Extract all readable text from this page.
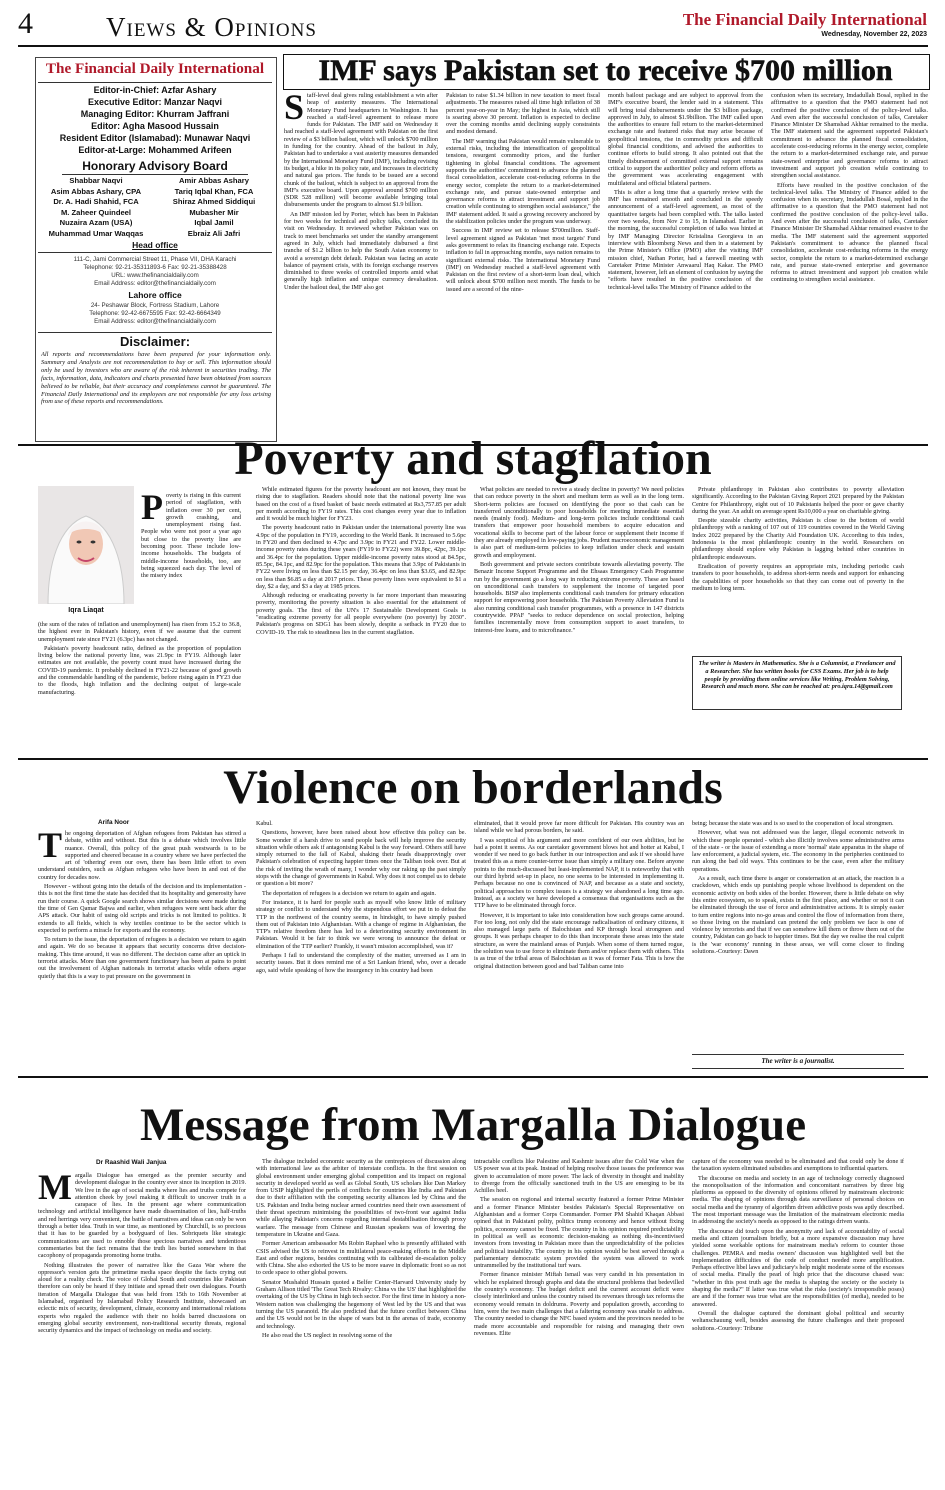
4	Views & Opinions	The Financial Daily International
Wednesday, November 22, 2023
The Financial Daily International
Editor-in-Chief: Azfar Ashary
Executive Editor: Manzar Naqvi
Managing Editor: Khurram Jaffrani
Editor: Agha Masood Hussain
Resident Editor (Islamabad): Munawar Naqvi
Editor-at-Large: Mohammed Arifeen
Honorary Advisory Board
Shabbar Naqvi
Asim Abbas Ashary, CPA
Dr. A. Hadi Shahid, FCA
M. Zaheer Quindeel
Nuzaira Azam (USA)
Muhammad Umar Waqqas
Amir Abbas Ashary
Tariq Iqbal Khan, FCA
Shiraz Ahmed Siddiqui
Mubasher Mir
Iqbal Jamil
Ebraiz Ali Jafri
Head office
111-C, Jami Commercial Street 11, Phase VII, DHA Karachi
Telephone: 92-21-35311893-6 Fax: 92-21-35388428
URL: www.thefinancialdaily.com
Email Address: editor@thefinancialdaily.com
Lahore office
24- Peshawar Block, Fortress Stadium, Lahore
Telephone: 92-42-6675595 Fax: 92-42-6664349
Email Address: editor@thefinancialdaily.com
Disclaimer:
All reports and recommendations have been prepared for your information only. Summary and Analysis are not recommendation to buy or sell. This information should only be used by investors who are aware of the risk inherent in securities trading. The facts, information, data, indicators and charts presented have been obtained from sources believed to be reliable, but their accuracy and completeness cannot be guaranteed. The Financial Daily International and its employees are not responsible for any loss arising from use of these reports and recommendations.
IMF says Pakistan set to receive $700 million
S taff-level deal gives ruling establishment a win after heap of austerity measures. The International Monetary Fund headquarters in Washington. It has reached a staff-level agreement to release more funds for Pakistan. The IMF said on Wednesday it had reached a staff-level agreement with Pakistan on the first review of a $3 billion bailout, which will unlock $700 million in funding for the country. Ahead of the bailout in July, Pakistan had to undertake a vast austerity measures demanded by the International Monetary Fund (IMF), including revising its budget, a hike in its policy rate, and increases in electricity and natural gas prices. The funds to be issued are a second chunk of the bailout, which is subject to an approval from the IMF's executive board. Upon approval around $700 million (SDR 528 million) will become available bringing total disbursements under the program to almost $1.9 billion.

An IMF mission led by Porter, which has been in Pakistan for two weeks for technical and policy talks, concluded its visit on Wednesday. It reviewed whether Pakistan was on track to meet benchmarks set under the standby arrangement agreed in July, which had immediately disbursed a first tranche of $1.2 billion to help the South Asian economy to avoid a sovereign debt default. Pakistan was facing an acute balance of payment crisis, with its foreign exchange reserves diminished to three weeks of controlled imports amid what generally high inflation and unique currency devaluation. Under the bailout deal, the IMF also got

Pakistan to raise $1.34 billion in new taxation to meet fiscal adjustments. The measures raised all time high inflation of 38 percent year-on-year in May; the highest in Asia, which still is soaring above 30 percent. Inflation is expected to decline over the coming months amid declining supply constraints and modest demand.

The IMF warning that Pakistan would remain vulnerable to external risks, including the intensification of geopolitical tensions, resurgent commodity prices, and the further tightening in global financial conditions. The agreement supports the authorities' commitment to advance the planned fiscal consolidation, accelerate cost-reducing reforms in the energy sector, complete the return to a market-determined exchange rate, and pursue state-owned enterprise and governance reforms to attract investment and support job creation while continuing to strengthen social assistance," the IMF statement added. It said a growing recovery anchored by the stabilization policies under the program was underway.

Success in IMF review set to release $700million. Staff-level agreement signed as Pakistan 'met most targets' Fund asks government to relax its financing exchange rate. Expects inflation to fall in approaching months, says nation remains to significant external risks. The International Monetary Fund (IMF) on Wednesday reached a staff-level agreement with Pakistan on the first review of a short-term loan deal, which will unlock about $700 million next month. The funds to be issued are a second of the nine-

month bailout package and are subject to approval from the IMF's executive board, the lender said in a statement. This will bring total disbursements under the $3 billion package, approved in July, to almost $1.9billion. The IMF called upon the authorities to ensure full return to the market-determined exchange rate and featured risks that may arise because of geopolitical tensions, rise in commodity prices and difficult global financial conditions, and advised the authorities to continue efforts to build strong. It also pointed out that the timely disbursement of committed external support remains critical to support the authorities' policy and reform efforts as the government was accelerating engagement with multilateral and official bilateral partners.

This is after a long time that a quarterly review with the IMF has remained smooth and concluded in the speedy announcement of a staff-level agreement, as most of the quantitative targets had been complied with. The talks lasted over two weeks, from Nov 2 to 15, in Islamabad. Earlier in the morning, the successful completion of talks was hinted at by IMF Managing Director Kristalina Georgieva in an interview with Bloomberg News and then in a statement by the Prime Minister's Office (PMO) after the visiting IMF mission chief, Nathan Porter, had a farewell meeting with Caretaker Prime Minister Anwaarul Haq Kakar. The PMO statement, however, left an element of confusion by saying the "efforts have resulted in the positive conclusion of the technical-level talks The Ministry of Finance added to the

confusion when its secretary, Imdadullah Bosal, replied in the affirmative to a question that the PMO statement had not confirmed the positive conclusion of the policy-level talks. And even after the successful conclusion of talks, Caretaker Finance Minister Dr Shamshad Akhtar remained to the media. The IMF statement said the agreement supported Pakistan's commitment to advance the planned fiscal consolidation, accelerate cost-reducing reforms in the energy sector, complete the return to a market-determined exchange rate, and pursue state-owned enterprise and governance reforms to attract investment and support job creation while continuing to strengthen social assistance.

Efforts have resulted in the positive conclusion of the technical-level talks. The Ministry of Finance added to the confusion when its secretary, Imdadullah Bosal, replied in the affirmative to a question that the PMO statement had not confirmed the positive conclusion of the policy-level talks. And even after the successful conclusion of talks, Caretaker Finance Minister Dr Shamshad Akhtar remained evasive to the media. The IMF statement said the agreement supported Pakistan's commitment to advance the planned fiscal consolidation, accelerate cost-reducing reforms in the energy sector, complete the return to a market-determined exchange rate, and pursue state-owned enterprise and governance reforms to attract investment and support job creation while continuing to strengthen social assistance.

Poverty and stagflation
Iqra Liaqat
P overty is rising in this current period of stagflation, with inflation over 30 per cent, growth crashing, and unemployment rising fast. People who were not poor a year ago but close to the poverty line are becoming poor. These include low-income households. The budgets of middle-income households, too, are being squeezed each day. The level of the misery index

(the sum of the rates of inflation and unemployment) has risen from 15.2 to 36.8, the highest ever in Pakistan's history, even if we assume that the current unemployment rate since FY21 (6.3pc) has not changed.

Pakistan's poverty headcount ratio, defined as the proportion of population living below the national poverty line, was 21.9pc in FY19. Although later estimates are not available, the poverty count must have increased during the COVID-19 pandemic. It probably declined in FY21-22 because of good growth and the commendable handling of the pandemic, before rising again in FY23 due to the floods, high inflation and the declining output of large-scale manufacturing.

While estimated figures for the poverty headcount are not known, they must be rising due to stagflation. Readers should note that the national poverty line was based on the cost of a fixed basket of basic needs estimated at Rs3,757.85 per adult per month according to FY19 rates. This cost changes every year due to inflation and it would be much higher for FY23.

The poverty headcount ratio in Pakistan under the international poverty line was 4.9pc of the population in FY19, according to the World Bank. It increased to 5.6pc in FY20 and then declined to 4.7pc and 3.9pc in FY21 and FY22. Lower middle-income poverty rates during these years (FY19 to FY22) were 39.8pc, 42pc, 39.1pc and 36.4pc for the population. Upper middle-income poverty rates stood at 84.5pc, 85.5pc, 84.1pc, and 82.9pc for the population. This means that 3.9pc of Pakistanis in FY22 were living on less than $2.15 per day, 36.4pc on less than $3.65, and 82.9pc on less than $6.85 a day at 2017 prices. These poverty lines were equivalent to $1 a day, $2 a day, and $3 a day at 1985 prices.

Although reducing or eradicating poverty is far more important than measuring poverty, monitoring the poverty situation is also essential for the attainment of poverty goals. The first of the UN's 17 Sustainable Development Goals is "eradicating extreme poverty for all people everywhere (no poverty) by 2030". Pakistan's progress on SDG1 has been slowly, despite a setback in FY20 due to COVID-19. The risk to steadiness lies in the current stagflation.

What policies are needed to revive a steady decline in poverty? We need policies that can reduce poverty in the short and medium term as well as in the long term. Short-term policies are focused on identifying the poor so that cash can be transferred unconditionally to poor households for meeting immediate essential needs (mainly food). Medium- and long-term policies include conditional cash transfers that empower poor household members to acquire education and vocational skills to become part of the labour force or supplement their income if they are already employed in low-paying jobs. Prudent macroeconomic management is also part of medium-term policies to keep inflation under check and sustain growth and employment.

Both government and private sectors contribute towards alleviating poverty. The Benazir Income Support Programme and the Ehsaas Emergency Cash Programme run by the government go a long way in reducing extreme poverty. These are based on unconditional cash transfers to supplement the income of targeted poor households. BISP also implements conditional cash transfers for primary education support for empowering poor households. The Pakistan Poverty Alleviation Fund is also running conditional cash transfer programmes, with a presence in 147 districts countrywide. PPAF "seeks to reduce dependence on social protection, helping families incrementally move from consumption support to asset transfers, to interest-free loans, and to microfinance."

Private philanthropy in Pakistan also contributes to poverty alleviation significantly. According to the Pakistan Giving Report 2021 prepared by the Pakistan Centre for Philanthropy, eight out of 10 Pakistanis helped the poor or gave charity during the year. An adult on average spent Rs10,000 a year on charitable giving.

Despite sizeable charity activities, Pakistan is close to the bottom of world philanthropy with a ranking of 107 out of 119 countries covered in the World Giving Index 2022 prepared by the Charity Aid Foundation UK. According to this index, Indonesia is the most philanthropic country in the world. Researchers on philanthropy should explore why Pakistan is lagging behind other countries in philanthropic endeavours.

Eradication of poverty requires an appropriate mix, including periodic cash transfers to poor households, to address short-term needs and support for enhancing the capabilities of poor households so that they can come out of poverty in the medium to long term.

The writer is Masters in Mathematics. She is a Columnist, a Freelancer and a Researcher. She has written books for CSS Exams. Her job is to help people by providing them online services like Writing, Problem Solving, Research and much more. She can be reached at: pro.iqra.14@gmail.com
Violence on borderlands
Arifa Noor
T he ongoing deportation of Afghan refugees from Pakistan has stirred a debate, within and without. But this is a debate which involves little nuance. Overall, this policy of the great push westwards is to be supported and cheered because in a country where we have perfected the art of 'othering' even our own, there has been little effort to even understand outsiders, such as Afghan refugees who have been in and out of the country for decades now.

However - without going into the details of the decision and its implementation - this is not the first time the state has decided that its hospitality and generosity have run their course. A quick Google search shows similar decisions were made during the time of Gen Qamar Bajwa and earlier, when refugees were sent back after the APS attack. Our habit of using old scripts and tricks is not limited to politics. It extends to all fields, which is why textiles continue to be the sector which is expected to perform a miracle for exports and the economy.

To return to the issue, the deportation of refugees is a decision we return to again and again. We do so because it appears that security concerns drive decision-making. This time around, it was no different. The decision came after an uptick in terrorist attacks. More than one government functionary has been at pains to point out the involvement of Afghan nationals in terrorist attacks while others argue quietly that this is a way to put pressure on the government in

Kabul.

Questions, however, have been raised about how effective this policy can be. Some wonder if a harsh drive to send people back will help improve the security situation while others ask if antagonising Kabul is the way forward. Others still have simply returned to the fall of Kabul, shaking their heads disapprovingly over Pakistan's celebration of expecting happier times once the Taliban took over. But at the risk of inviting the wrath of many, I wonder why our raking up the past simply stops with the change of governments in Kabul. Why does it not compel us to debate or question a bit more?

The deportation of refugees is a decision we return to again and again.

For instance, it is hard for people such as myself who know little of military strategy or conflict to understand why the stupendous effort we put in to defeat the TTP in the northwest of the country seems, in hindsight, to have simply pushed them out of Pakistan into Afghanistan. With a change of regime in Afghanistan, the TTP's relative freedom there has led to a deteriorating security environment in Pakistan. Would it be fair to think we were wrong to announce the defeat or elimination of the TTP earlier? Frankly, it wasn't mission accomplished, was it?

Perhaps I fail to understand the complexity of the matter, unversed as I am in security issues. But it does remind me of a Sri Lankan friend, who, over a decade ago, said while speaking of how the insurgency in his country had been

eliminated, that it would prove far more difficult for Pakistan. His country was an island while we had porous borders, he said.

I was sceptical of his argument and more confident of our own abilities, but he had a point it seems. As our caretaker government blows hot and hotter at Kabul, I wonder if we need to go back further in our introspection and ask if we should have treated this as a mere counter-terror issue than simply a military one. Before anyone points to the much-discussed but least-implemented NAP, it is noteworthy that with our third hybrid set-up in place, no one seems to be interested in implementing it. Perhaps because no one is convinced of NAP, and because as a state and society, political approaches to complex issues is a strategy we abandoned a long time ago. Instead, as a society we have developed a consensus that organisations such as the TTP have to be eliminated through force.

However, it is important to take into consideration how such groups came around. For too long, not only did the state encourage radicalisation of ordinary citizens, it also managed large parts of Balochistan and KP through local strongmen and groups. It was perhaps cheaper to do this than incorporate these areas into the state structure, as were the mainland areas of Punjab. When some of them turned rogue, the solution was to use force to eliminate them and/or replace them with others. This is as true of the tribal areas of Balochistan as it was of former Fata. This is how the original distinction between good and bad Taliban came into

being; because the state was and is so used to the cooperation of local strongmen.

However, what was not addressed was the larger, illegal economic network in which these people operated - which also illicitly involves some administrative arms of the state - or the issue of extending a more 'normal' state apparatus in the shape of law enforcement, a judicial system, etc. The economy in the peripheries continued to run along the bad old ways. This continues to be the case, even after the military operations.

As a result, each time there is anger or consternation at an attack, the reaction is a crackdown, which ends up punishing people whose livelihood is dependent on the economic activity on both sides of the border. However, there is little debate on why this entire ecosystem, so to speak, exists in the first place, and whether or not it can be eliminated through the use of force and administrative actions. It is simply easier to turn entire regions into no-go areas and control the flow of information from there, so those living on the mainland can pretend the only problem we face is one of violence by terrorists and that if we can somehow kill them or throw them out of the country, Pakistan can go back to happier times. But the day we realise the real culprit is the 'war economy' running in these areas, we will come closer to finding solutions.-Courtesy: Dawn

The writer is a journalist.
Message from Margalla Dialogue
Dr Raashid Wali Janjua
M argalla Dialogue has emerged as the premier security and development dialogue in the country ever since its inception in 2019. We live in the age of social media where lies and truths compete for attention cheek by jowl making it difficult to uncover truth in a carapace of lies. In the present age where communication technology and artificial intelligence have made dissemination of lies, half-truths and red herrings very convenient, the battle of narratives and ideas can only be won through a better idea. Truth in war time, as mentioned by Churchill, is so precious that it has to be guarded by a bodyguard of lies. Sobriquets like strategic communications are used to ennoble those specious narratives and tendentious commentaries but the fact remains that the truth lies buried somewhere in that cacophony of propaganda promoting home truths.

Nothing illustrates the power of narrative like the Gaza War where the oppressor's version gets the primetime media space despite the facts crying out aloud for a reality check. The voice of Global South and countries like Pakistan therefore can only be heard if they initiate and spread their own dialogues. Fourth iteration of Margalla Dialogue that was held from 15th to 16th November at Islamabad, organised by Islamabad Policy Research Institute, showcased an eclectic mix of security, development, climate, economy and international relations experts who regaled the audience with their no holds barred discussions on emerging global security environment, non-traditional security threats, regional security dynamics and the impact of technology on media and society.

The dialogue included economic security as the centrepieces of discussion along with international law as the arbiter of interstate conflicts. In the first session on global environment under emerging global competition and its impact on regional security in developed world as well as Global South, US scholars like Dan Markey from USIP highlighted the perils of conflicts for countries like India and Pakistan due to their affiliation with the competing security alliances led by China and the US. Pakistan and India being nuclear armed countries need their own assessment of their threat spectrum minimising the possibilities of two-front war against India while allaying Pakistan's concerns regarding internal destabilisation through proxy warfare. The message from Chinese and Russian speakers was of lowering the temperature in Ukraine and Gaza.

Former American ambassador Ms Robin Raphael who is presently affiliated with CSIS advised the US to reinvest in multilateral peace-making efforts in the Middle East and other regions, besides continuing with its calibrated de-escalation policy with China. She also exhorted the US to be more suave in diplomatic front so as not to cede space to other global powers.

Senator Mushahid Hussain quoted a Belfer Center-Harvard University study by Graham Allison titled 'The Great Tech Rivalry: China vs the US' that highlighted the overtaking of the US by China in high tech sector. For the first time in history a non-Western nation was challenging the hegemony of West led by the US and that was turning the US paranoid. He also predicted that the future conflict between China and the US would not be in the shape of wars but in the arenas of trade, economy and technology.

He also read the US neglect in resolving some of the

intractable conflicts like Palestine and Kashmir issues after the Cold War when the US power was at its peak. Instead of helping resolve those issues the preference was given to accumulation of more power. The lack of diversity in thought and inability to diverge from the officially sanctioned truth in the US are emerging to be its Achilles heel.

The session on regional and internal security featured a former Prime Minister and a former Finance Minister besides Pakistan's Special Representative on Afghanistan and a former Corps Commander. Former PM Shahid Khaqan Abbasi opined that in Pakistani polity, politics trump economy and hence without fixing politics, economy cannot be fixed. The country in his opinion required predictability in political as well as economic decision-making as nothing dis-incentivised investors from investing in Pakistan more than the unpredictability of the policies and political instability. The country in his opinion would be best served through a parliamentary democratic system provided the system was allowed to work untrammelled by the institutional turf wars.

Former finance minister Miftah Ismail was very candid in his presentation in which he explained through graphs and data the structural problems that bedevilled the country's economy. The budget deficit and the current account deficit were closely interlinked and unless the country raised its revenues through tax reforms the economy would remain in doldrums. Poverty and population growth, according to him, were the two main challenges that a faltering economy was unable to address. The country needed to change the NFC based system and the provinces needed to be made more accountable and responsible for raising and managing their own revenues. Elite

capture of the economy was needed to be eliminated and that could only be done if the taxation system eliminated subsidies and exemptions to influential quarters.

The discourse on media and society in an age of technology correctly diagnosed the monopolisation of the information and concomitant narratives by three big platforms as opposed to the diversity of opinions offered by mainstream electronic media. The shaping of opinions through data surveillance of personal choices on social media and the tyranny of algorithm driven addictive posts was aptly described. The most important message was the limitation of the mainstream electronic media in addressing the society's needs as opposed to the ratings driven wants.

The discourse did touch upon the anonymity and lack of accountability of social media and citizen journalism briefly, but a more expansive discussion may have yielded some workable options for mainstream media's reform to counter those challenges. PEMRA and media owners' discussion was highlighted well but the implementation difficulties of the code of conduct needed more amplification. Perhaps effective libel laws and judiciary's help might moderate some of the excesses of social media. Finally the pearl of high price that the discourse chased was: "whether in this post truth age the media is shaping the society or the society is shaping the media?" If latter was true what the risks (society's irresponsible poses) are and if the former was true what are the responsibilities (of media), needed to be answered.

Overall the dialogue captured the dominant global political and security weltanschauung well, besides assessing the future challenges and their proposed solutions.-Courtesy: Tribune
